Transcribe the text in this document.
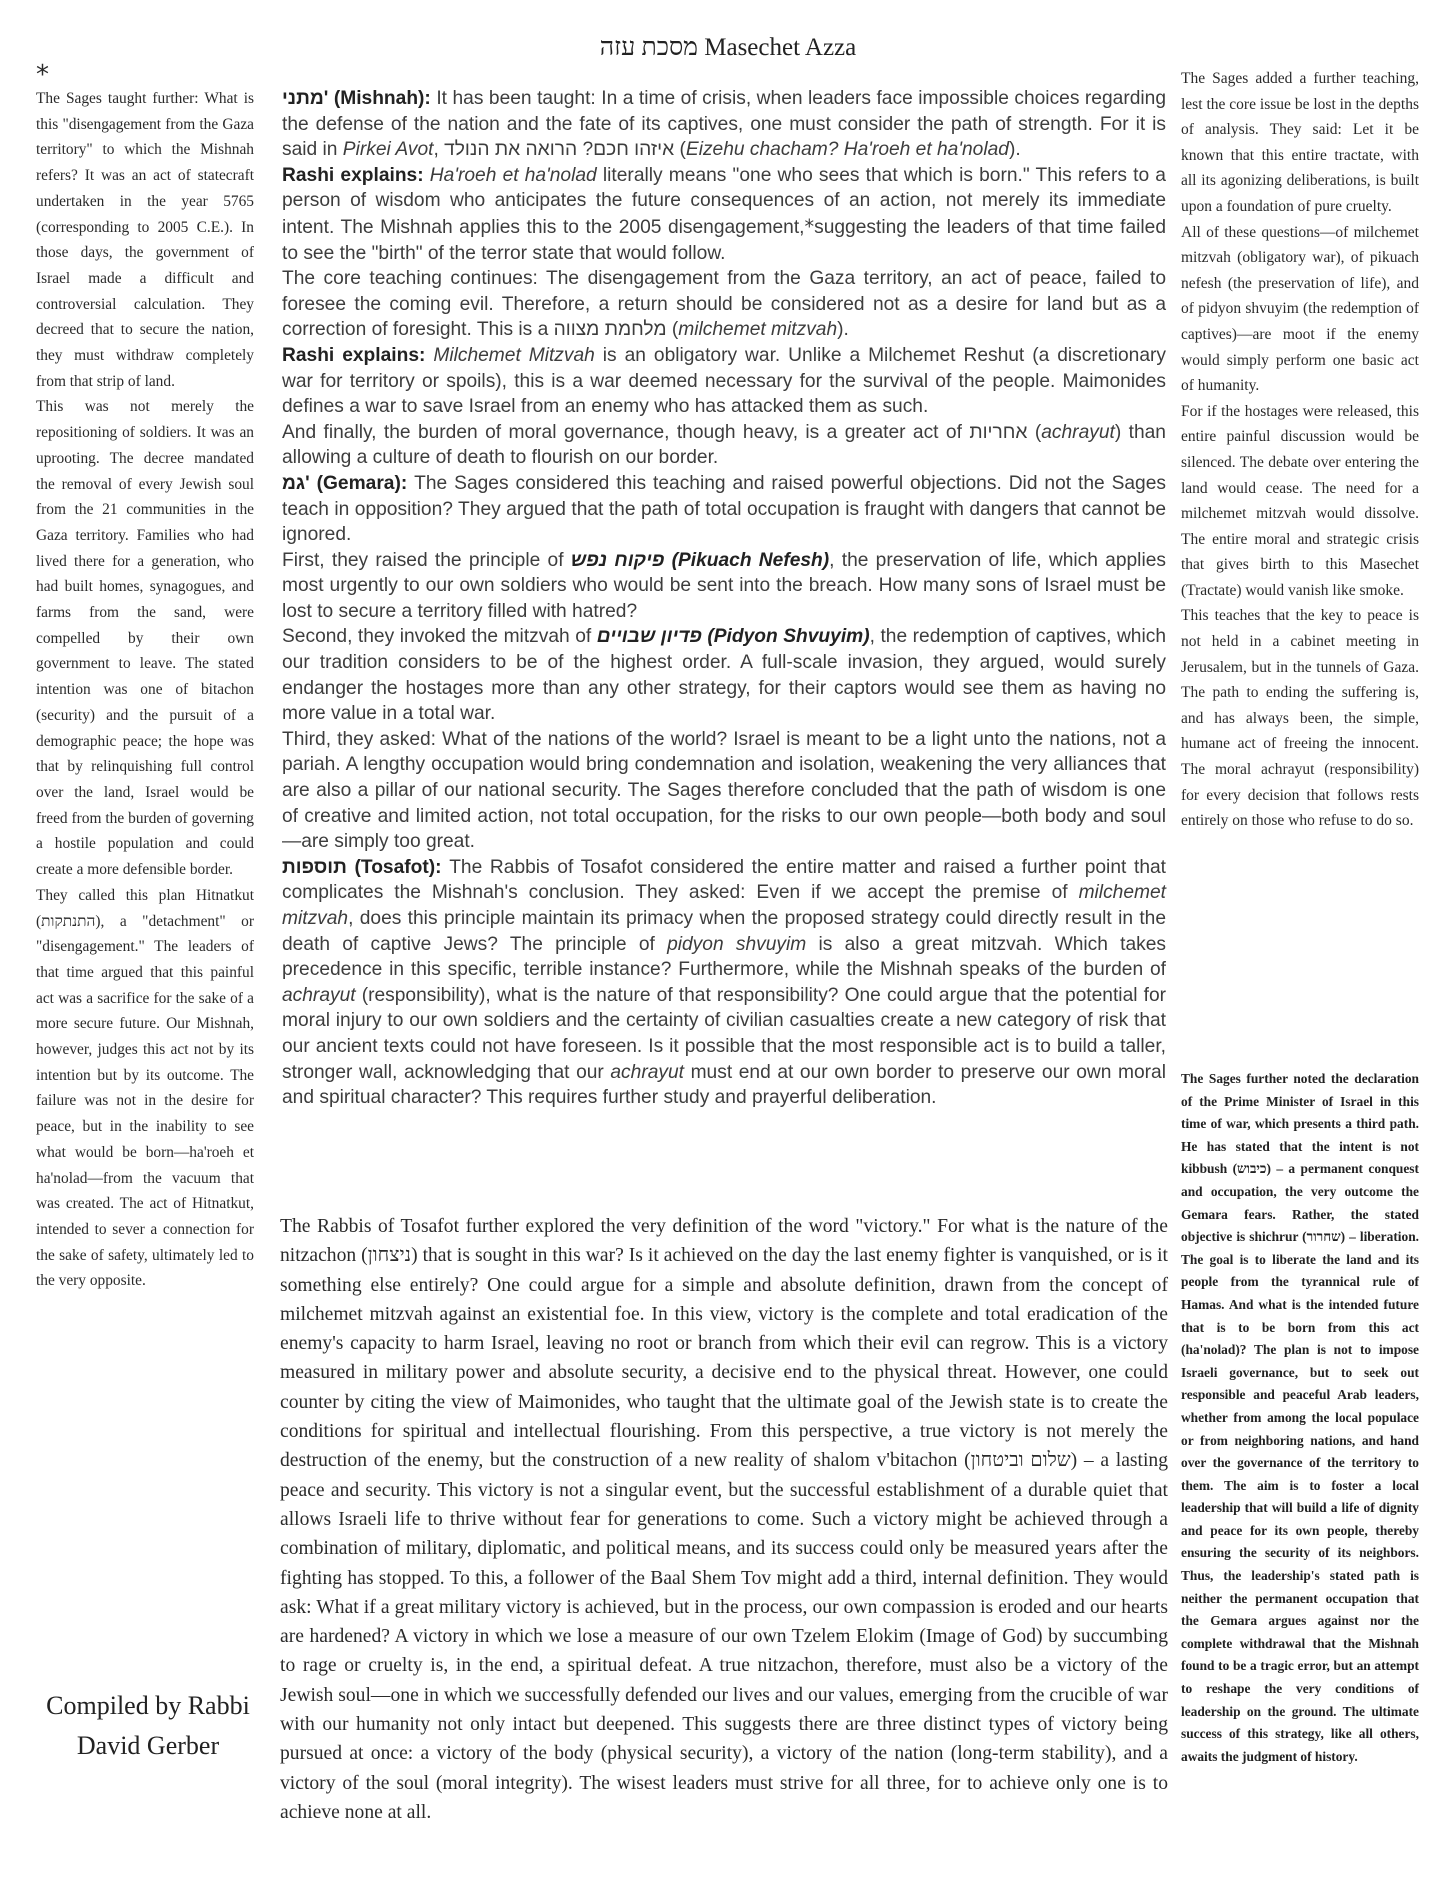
מסכת עזה Masechet Azza
*

The Sages taught further: What is this "disengagement from the Gaza territory" to which the Mishnah refers? It was an act of statecraft undertaken in the year 5765 (corresponding to 2005 C.E.). In those days, the government of Israel made a difficult and controversial calculation. They decreed that to secure the nation, they must withdraw completely from that strip of land.

This was not merely the repositioning of soldiers. It was an uprooting. The decree mandated the removal of every Jewish soul from the 21 communities in the Gaza territory. Families who had lived there for a generation, who had built homes, synagogues, and farms from the sand, were compelled by their own government to leave. The stated intention was one of bitachon (security) and the pursuit of a demographic peace; the hope was that by relinquishing full control over the land, Israel would be freed from the burden of governing a hostile population and could create a more defensible border.

They called this plan Hitnatkut (התנתקות), a "detachment" or "disengagement." The leaders of that time argued that this painful act was a sacrifice for the sake of a more secure future. Our Mishnah, however, judges this act not by its intention but by its outcome. The failure was not in the desire for peace, but in the inability to see what would be born—ha'roeh et ha'nolad—from the vacuum that was created. The act of Hitnatkut, intended to sever a connection for the sake of safety, ultimately led to the very opposite.

Compiled by Rabbi David Gerber

מתני' (Mishnah): It has been taught: In a time of crisis, when leaders face impossible choices regarding the defense of the nation and the fate of its captives, one must consider the path of strength. For it is said in Pirkei Avot, איזהו חכם? הרואה את הנולד (Eizehu chacham? Ha'roeh et ha'nolad).

Rashi explains: Ha'roeh et ha'nolad literally means "one who sees that which is born." This refers to a person of wisdom who anticipates the future consequences of an action, not merely its immediate intent. The Mishnah applies this to the 2005 disengagement,*suggesting the leaders of that time failed to see the "birth" of the terror state that would follow.

The core teaching continues: The disengagement from the Gaza territory, an act of peace, failed to foresee the coming evil. Therefore, a return should be considered not as a desire for land but as a correction of foresight. This is a מלחמת מצווה (milchemet mitzvah).

Rashi explains: Milchemet Mitzvah is an obligatory war. Unlike a Milchemet Reshut (a discretionary war for territory or spoils), this is a war deemed necessary for the survival of the people. Maimonides defines a war to save Israel from an enemy who has attacked them as such.

And finally, the burden of moral governance, though heavy, is a greater act of אחריות (achrayut) than allowing a culture of death to flourish on our border.

גמ' (Gemara): The Sages considered this teaching and raised powerful objections. Did not the Sages teach in opposition? They argued that the path of total occupation is fraught with dangers that cannot be ignored.

First, they raised the principle of פיקוח נפש (Pikuach Nefesh), the preservation of life, which applies most urgently to our own soldiers who would be sent into the breach. How many sons of Israel must be lost to secure a territory filled with hatred?

Second, they invoked the mitzvah of פדיון שבויים (Pidyon Shvuyim), the redemption of captives, which our tradition considers to be of the highest order. A full-scale invasion, they argued, would surely endanger the hostages more than any other strategy, for their captors would see them as having no more value in a total war.

Third, they asked: What of the nations of the world? Israel is meant to be a light unto the nations, not a pariah. A lengthy occupation would bring condemnation and isolation, weakening the very alliances that are also a pillar of our national security. The Sages therefore concluded that the path of wisdom is one of creative and limited action, not total occupation, for the risks to our own people—both body and soul—are simply too great.

תוספות (Tosafot): The Rabbis of Tosafot considered the entire matter and raised a further point that complicates the Mishnah's conclusion. They asked: Even if we accept the premise of milchemet mitzvah, does this principle maintain its primacy when the proposed strategy could directly result in the death of captive Jews? The principle of pidyon shvuyim is also a great mitzvah. Which takes precedence in this specific, terrible instance? Furthermore, while the Mishnah speaks of the burden of achrayut (responsibility), what is the nature of that responsibility? One could argue that the potential for moral injury to our own soldiers and the certainty of civilian casualties create a new category of risk that our ancient texts could not have foreseen. Is it possible that the most responsible act is to build a taller, stronger wall, acknowledging that our achrayut must end at our own border to preserve our own moral and spiritual character? This requires further study and prayerful deliberation.

The Rabbis of Tosafot further explored the very definition of the word "victory." For what is the nature of the nitzachon (ניצחון) that is sought in this war? Is it achieved on the day the last enemy fighter is vanquished, or is it something else entirely? One could argue for a simple and absolute definition, drawn from the concept of milchemet mitzvah against an existential foe. In this view, victory is the complete and total eradication of the enemy's capacity to harm Israel, leaving no root or branch from which their evil can regrow. This is a victory measured in military power and absolute security, a decisive end to the physical threat. However, one could counter by citing the view of Maimonides, who taught that the ultimate goal of the Jewish state is to create the conditions for spiritual and intellectual flourishing. From this perspective, a true victory is not merely the destruction of the enemy, but the construction of a new reality of shalom v'bitachon (שלום וביטחון) – a lasting peace and security. This victory is not a singular event, but the successful establishment of a durable quiet that allows Israeli life to thrive without fear for generations to come. Such a victory might be achieved through a combination of military, diplomatic, and political means, and its success could only be measured years after the fighting has stopped. To this, a follower of the Baal Shem Tov might add a third, internal definition. They would ask: What if a great military victory is achieved, but in the process, our own compassion is eroded and our hearts are hardened? A victory in which we lose a measure of our own Tzelem Elokim (Image of God) by succumbing to rage or cruelty is, in the end, a spiritual defeat. A true nitzachon, therefore, must also be a victory of the Jewish soul—one in which we successfully defended our lives and our values, emerging from the crucible of war with our humanity not only intact but deepened. This suggests there are three distinct types of victory being pursued at once: a victory of the body (physical security), a victory of the nation (long-term stability), and a victory of the soul (moral integrity). The wisest leaders must strive for all three, for to achieve only one is to achieve none at all.

The Sages added a further teaching, lest the core issue be lost in the depths of analysis. They said: Let it be known that this entire tractate, with all its agonizing deliberations, is built upon a foundation of pure cruelty.

All of these questions—of milchemet mitzvah (obligatory war), of pikuach nefesh (the preservation of life), and of pidyon shvuyim (the redemption of captives)—are moot if the enemy would simply perform one basic act of humanity.

For if the hostages were released, this entire painful discussion would be silenced. The debate over entering the land would cease. The need for a milchemet mitzvah would dissolve. The entire moral and strategic crisis that gives birth to this Masechet (Tractate) would vanish like smoke.

This teaches that the key to peace is not held in a cabinet meeting in Jerusalem, but in the tunnels of Gaza. The path to ending the suffering is, and has always been, the simple, humane act of freeing the innocent. The moral achrayut (responsibility) for every decision that follows rests entirely on those who refuse to do so.

The Sages further noted the declaration of the Prime Minister of Israel in this time of war, which presents a third path. He has stated that the intent is not kibbush (כיבוש) – a permanent conquest and occupation, the very outcome the Gemara fears. Rather, the stated objective is shichrur (שחרור) – liberation. The goal is to liberate the land and its people from the tyrannical rule of Hamas. And what is the intended future that is to be born from this act (ha'nolad)? The plan is not to impose Israeli governance, but to seek out responsible and peaceful Arab leaders, whether from among the local populace or from neighboring nations, and hand over the governance of the territory to them. The aim is to foster a local leadership that will build a life of dignity and peace for its own people, thereby ensuring the security of its neighbors. Thus, the leadership's stated path is neither the permanent occupation that the Gemara argues against nor the complete withdrawal that the Mishnah found to be a tragic error, but an attempt to reshape the very conditions of leadership on the ground. The ultimate success of this strategy, like all others, awaits the judgment of history.
